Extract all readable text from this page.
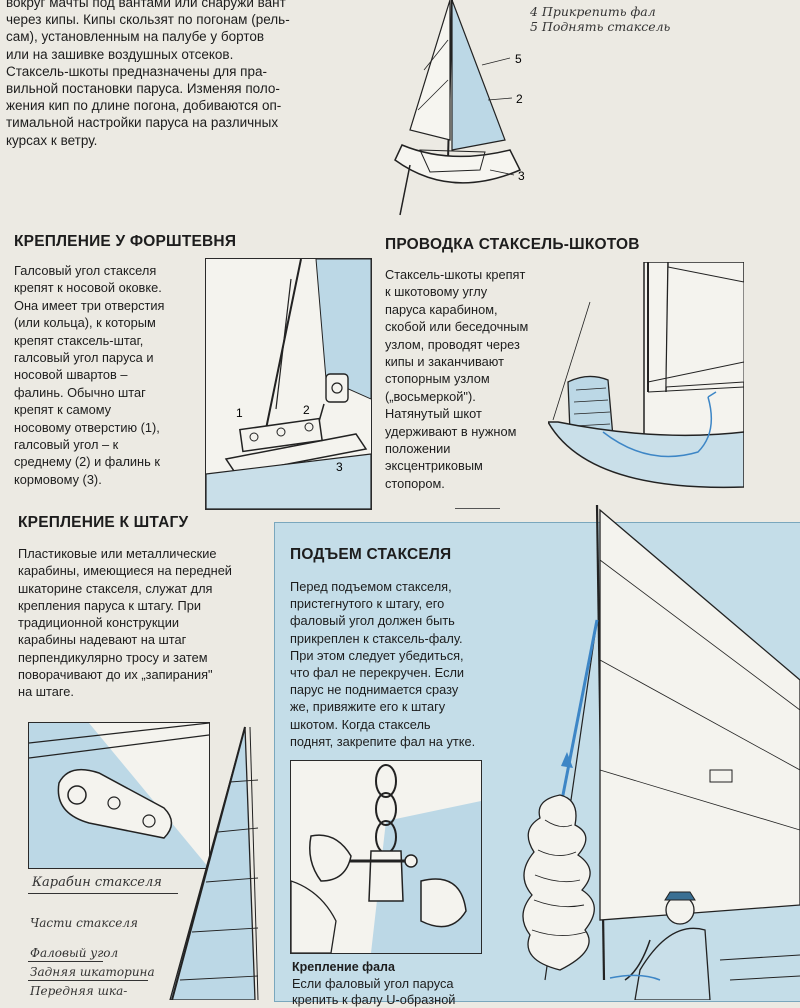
вокруг мачты под вантами или снаружи вант
через кипы. Кипы скользят по погонам (рель-
сам), установленным на палубе у бортов
или на зашивке воздушных отсеков.
Стаксель-шкоты предназначены для пра-
вильной постановки паруса. Изменяя поло-
жения кип по длине погона, добиваются оп-
тимальной настройки паруса на различных
курсах к ветру.
4 Прикрепить фал
5 Поднять стаксель
5
2
3
КРЕПЛЕНИЕ У ФОРШТЕВНЯ
Галсовый угол стакселя
крепят к носовой оковке.
Она имеет три отверстия
(или кольца), к которым
крепят стаксель-штаг,
галсовый угол паруса и
носовой швартов –
фалинь. Обычно штаг
крепят к самому
носовому отверстию (1),
галсовый угол – к
среднему (2) и фалинь к
кормовому (3).
1	2
3
ПРОВОДКА СТАКСЕЛЬ-ШКОТОВ
Стаксель-шкоты крепят
к шкотовому углу
паруса карабином,
скобой или беседочным
узлом, проводят через
кипы и заканчивают
стопорным узлом
(„восьмеркой").
Натянутый шкот
удерживают в нужном
положении
эксцентриковым
стопором.
КРЕПЛЕНИЕ К ШТАГУ
Пластиковые или металлические
карабины, имеющиеся на передней
шкаторине стакселя, служат для
крепления паруса к штагу. При
традиционной конструкции
карабины надевают на штаг
перпендикулярно тросу и затем
поворачивают до их „запирания"
на штаге.
Карабин стакселя
Части стакселя
Фаловый угол
Задняя шкаторина
Передняя шка-
ПОДЪЕМ СТАКСЕЛЯ
Перед подъемом стакселя,
пристегнутого к штагу, его
фаловый угол должен быть
прикреплен к стаксель-фалу.
При этом следует убедиться,
что фал не перекручен. Если
парус не поднимается сразу
же, привяжите его к штагу
шкотом. Когда стаксель
поднят, закрепите фал на утке.
Крепление фала
Если фаловый угол паруса
крепить к фалу U-образной
